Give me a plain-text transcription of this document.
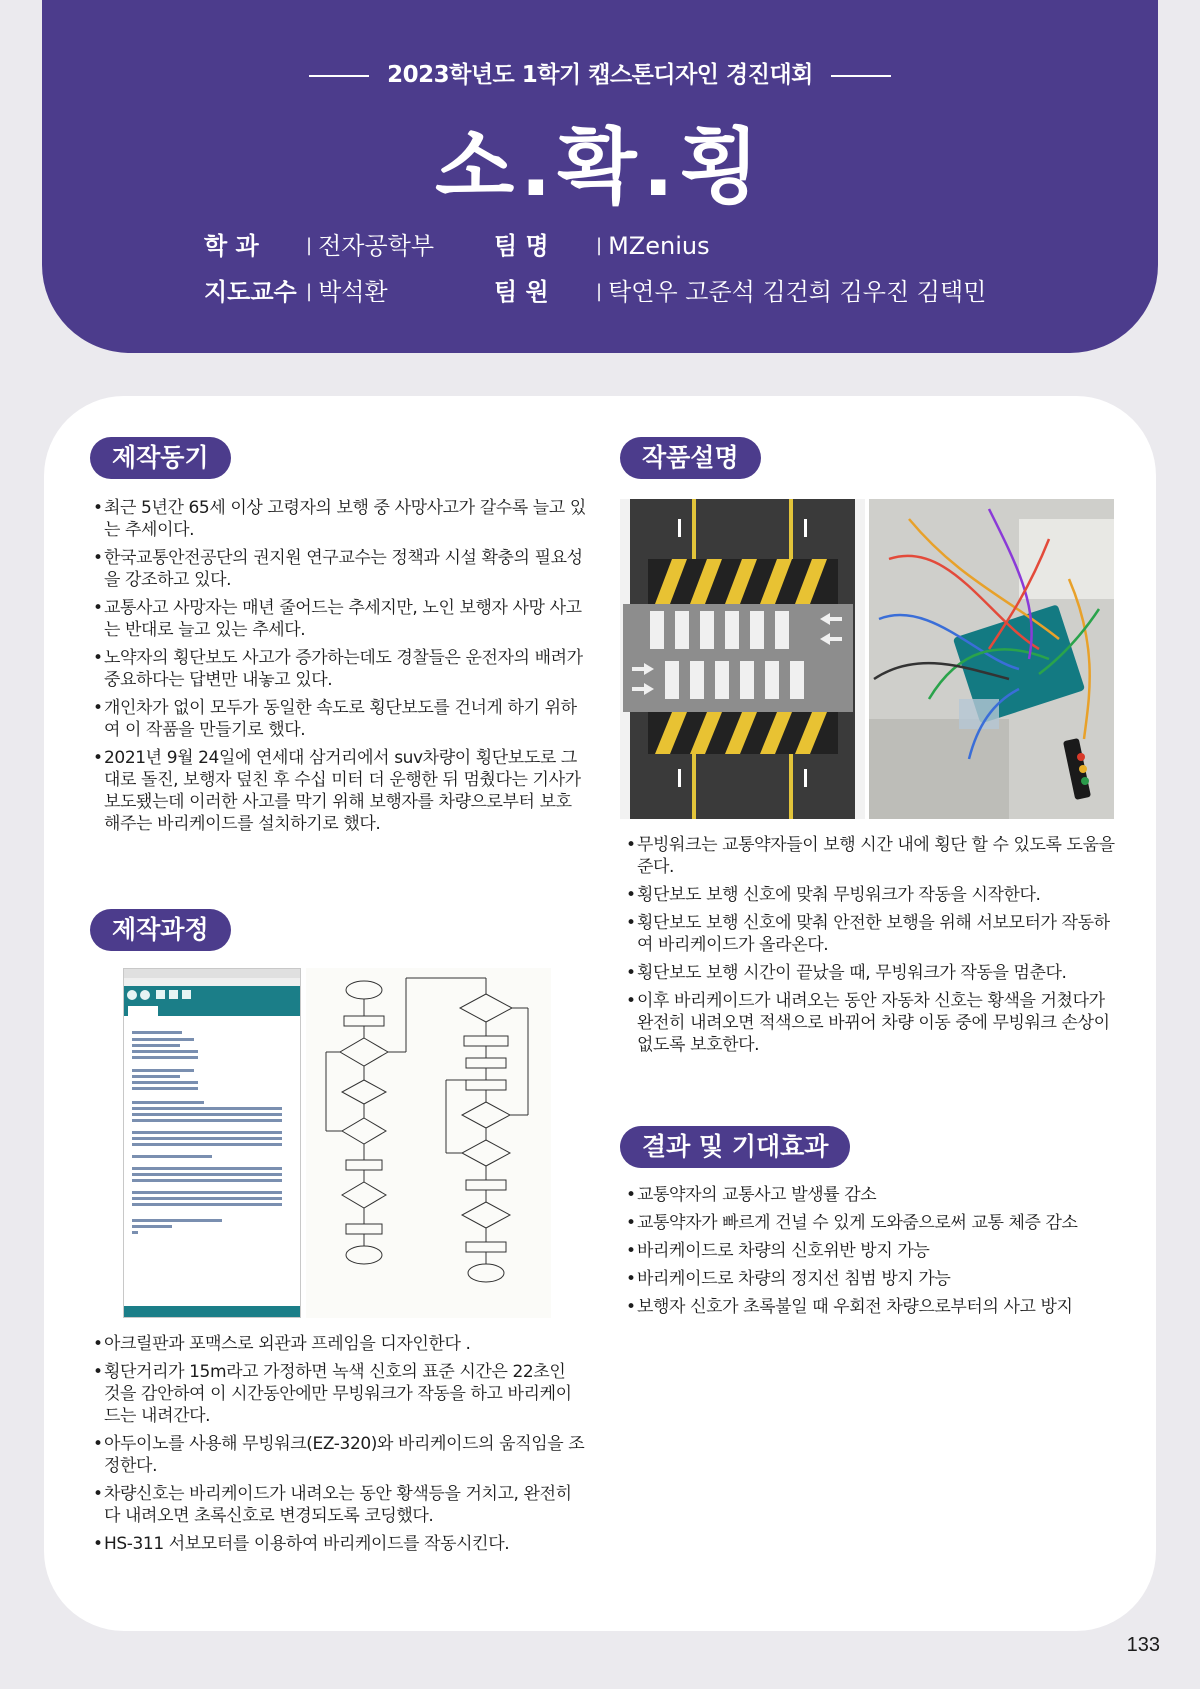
2023학년도 1학기 캡스톤디자인 경진대회
소.확.횡
학 과	| 전자공학부
지도교수 | 박석환
팀 명	| MZenius
팀 원	| 탁연우 고준석 김건희 김우진 김택민
제작동기
• 최근 5년간 65세 이상 고령자의 보행 중 사망사고가 갈수록 늘고 있는 추세이다.
• 한국교통안전공단의 권지원 연구교수는 정책과 시설 확충의 필요성을 강조하고 있다.
• 교통사고 사망자는 매년 줄어드는 추세지만, 노인 보행자 사망 사고는 반대로 늘고 있는 추세다.
• 노약자의 횡단보도 사고가 증가하는데도 경찰들은 운전자의 배려가 중요하다는 답변만 내놓고 있다.
• 개인차가 없이 모두가 동일한 속도로 횡단보도를 건너게 하기 위하여 이 작품을 만들기로 했다.
• 2021년 9월 24일에 연세대 삼거리에서 suv차량이 횡단보도로 그대로 돌진, 보행자 덮친 후 수십 미터 더 운행한 뒤 멈췄다는 기사가 보도됐는데 이러한 사고를 막기 위해 보행자를 차량으로부터 보호해주는 바리케이드를 설치하기로 했다.
제작과정
• 아크릴판과 포맥스로 외관과 프레임을 디자인한다 .
• 횡단거리가 15m라고 가정하면 녹색 신호의 표준 시간은 22초인 것을 감안하여 이 시간동안에만 무빙워크가 작동을 하고 바리케이드는 내려간다.
• 아두이노를 사용해 무빙워크(EZ-320)와 바리케이드의 움직임을 조정한다.
• 차량신호는 바리케이드가 내려오는 동안 황색등을 거치고, 완전히 다 내려오면 초록신호로 변경되도록 코딩했다.
• HS-311 서보모터를 이용하여 바리케이드를 작동시킨다.
작품설명
• 무빙워크는 교통약자들이 보행 시간 내에 횡단 할 수 있도록 도움을 준다.
• 횡단보도 보행 신호에 맞춰 무빙워크가 작동을 시작한다.
• 횡단보도 보행 신호에 맞춰 안전한 보행을 위해 서보모터가 작동하여 바리케이드가 올라온다.
• 횡단보도 보행 시간이 끝났을 때, 무빙워크가 작동을 멈춘다.
• 이후 바리케이드가 내려오는 동안 자동차 신호는 황색을 거쳤다가 완전히 내려오면 적색으로 바뀌어 차량 이동 중에 무빙워크 손상이 없도록 보호한다.
결과 및 기대효과
• 교통약자의 교통사고 발생률 감소
• 교통약자가 빠르게 건널 수 있게 도와줌으로써 교통 체증 감소
• 바리케이드로 차량의 신호위반 방지 가능
• 바리케이드로 차량의 정지선 침범 방지 가능
• 보행자 신호가 초록불일 때 우회전 차량으로부터의 사고 방지
133
